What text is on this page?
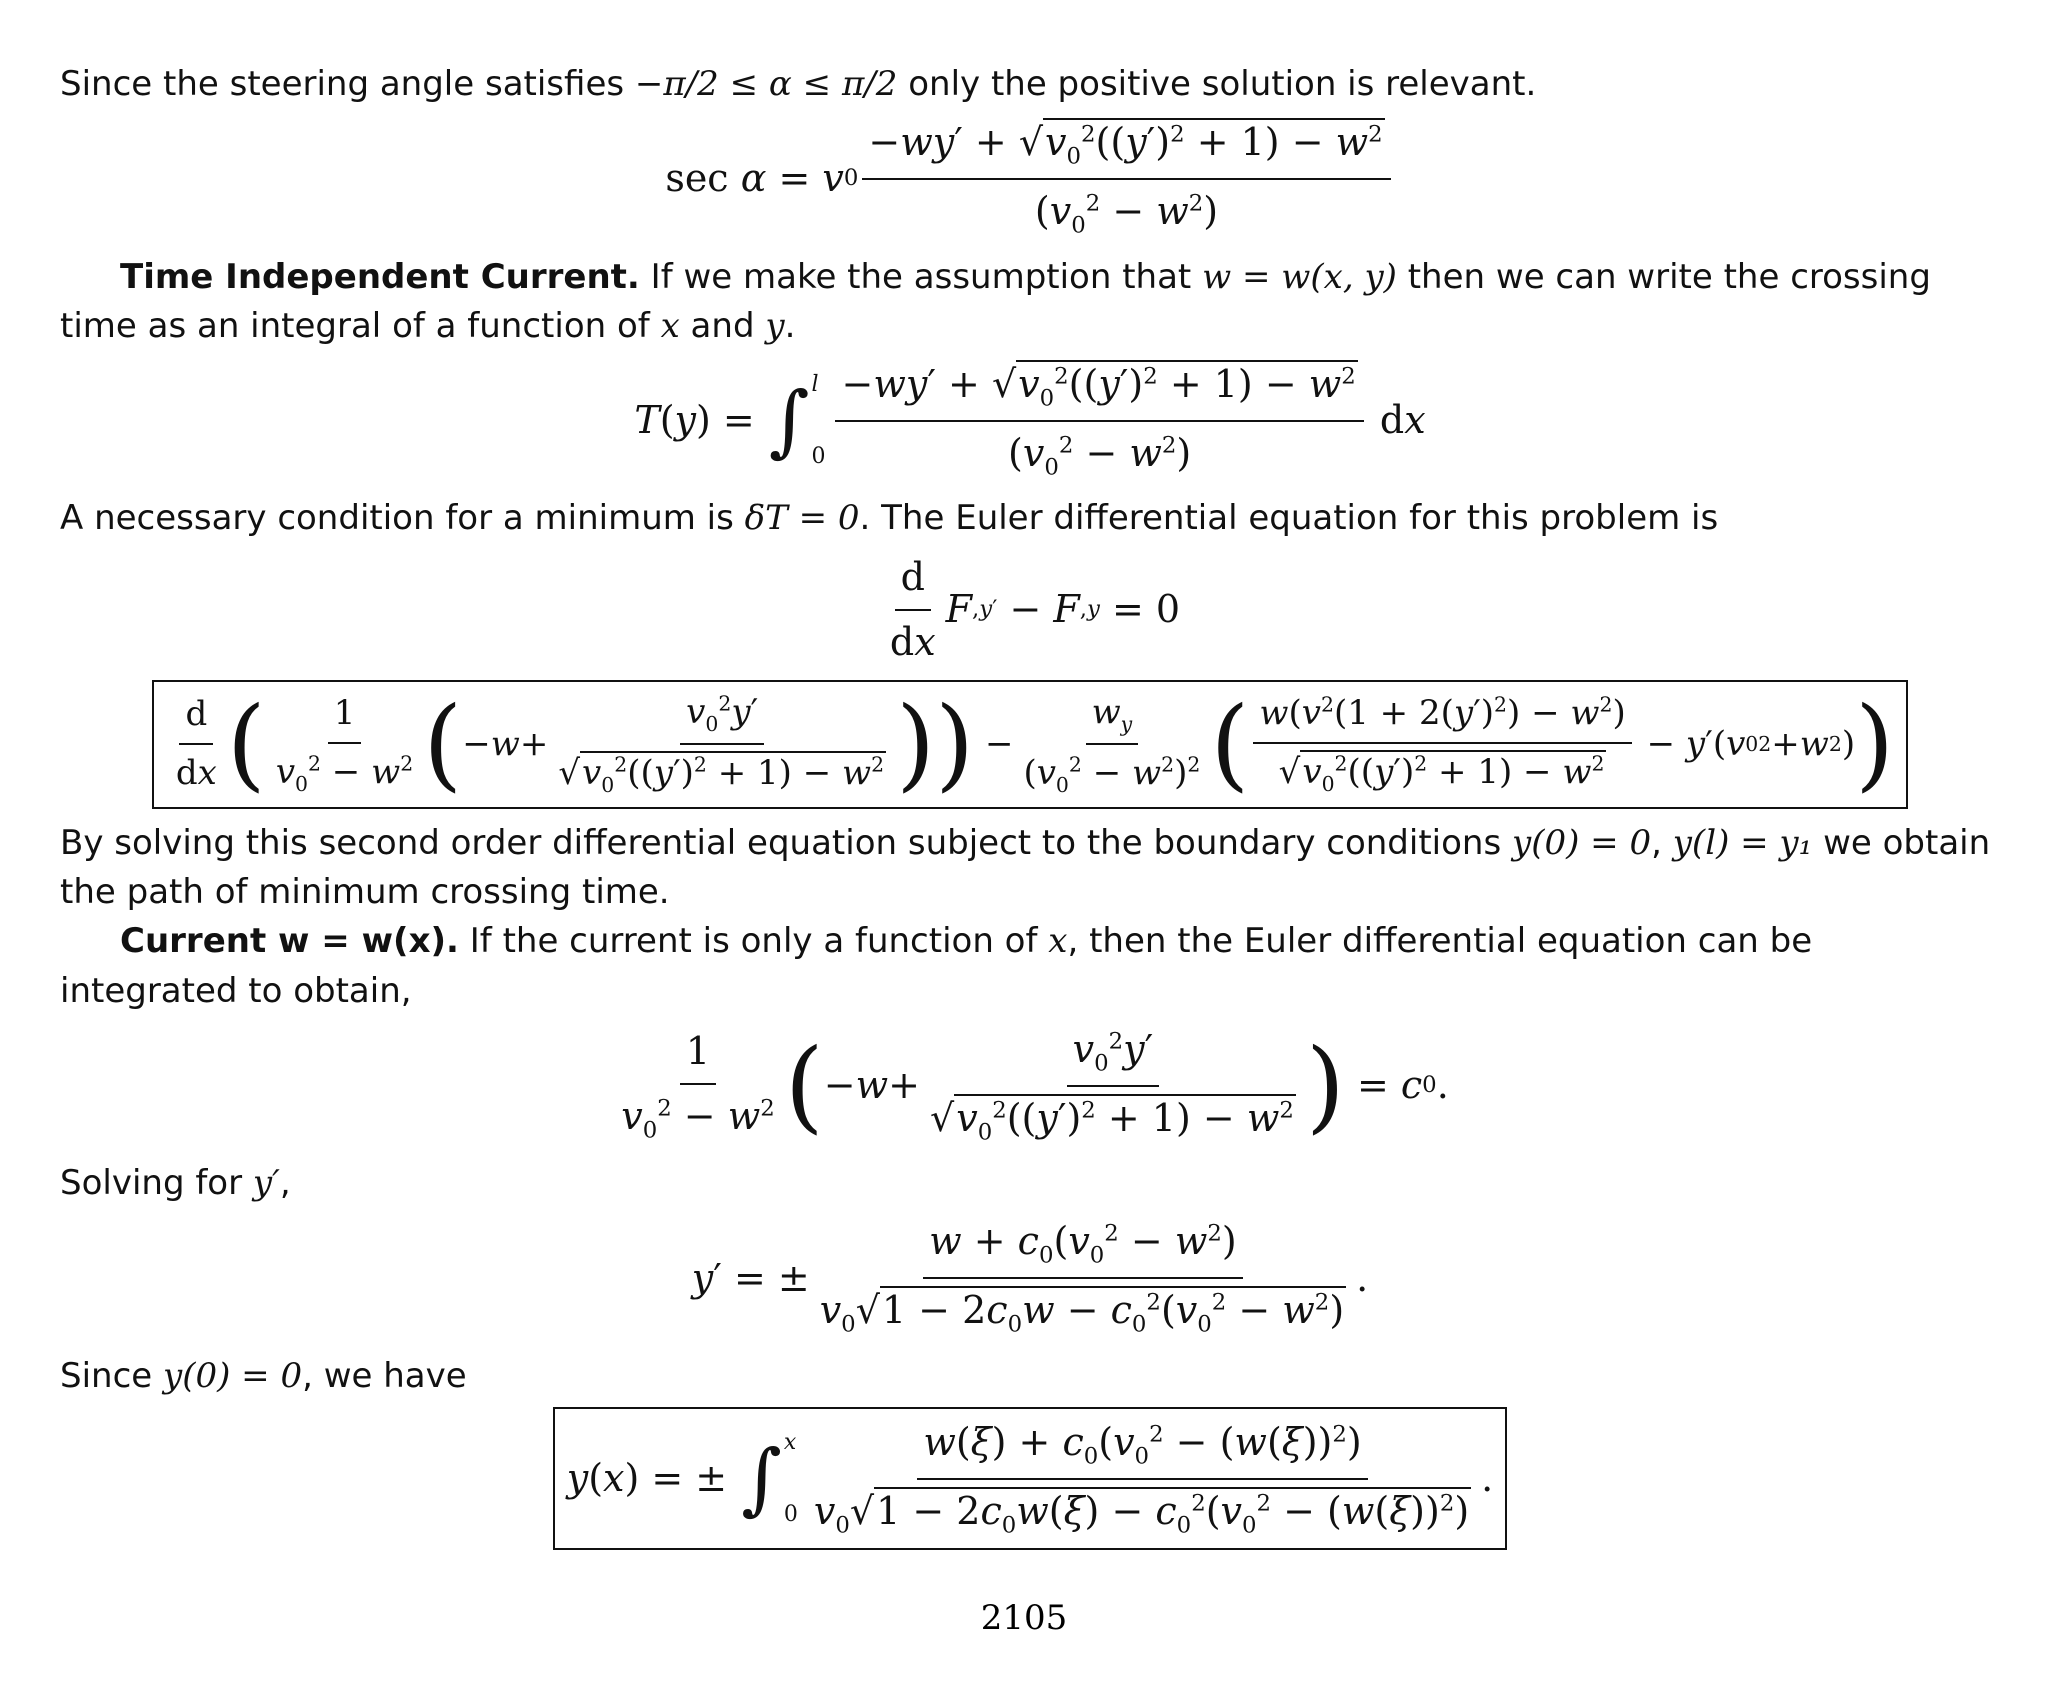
Since the steering angle satisfies −π/2 ≤ α ≤ π/2 only the positive solution is relevant.

sec
α = v $0 \frac{-wy' + √v_0^2((y')^2 + 1) - w^2}{(v_0^2 - w^2)}$

Time Independent Current. If we make the assumption that w = w(x, y) then we can write the crossing time as an integral of a function of x and y.

T ( y ) = ∫ l
$0 \frac{-wy' + √v_0^2((y')^2 + 1) - w^2}{(v_0^2 - w^2)}$ d x

A necessary condition for a minimum is δT = 0. The Euler differential equation for this problem is

$\frac{d}{dx}$ F ,y′ − F ,y = 0
$\frac{d}{dx}$ ( $\frac{1}{v_0^2 - w^2}$ ( − $w + \frac{v_0^2y'}{√v_0^2((y')^2 + 1) - w^2}$ )) − $\frac{w_y}{(v_0^2 - w^2)^2}$ ( $\frac{w(v^2(1 + 2(y')^2) - w^2)}{√v_0^2((y')^2 + 1) - w^2} - y$ ′( v 0 2 + w 2 ) )

By solving this second order differential equation subject to the boundary conditions y(0) = 0, y(l) = y₁ we obtain the path of minimum crossing time.

Current w = w(x). If the current is only a function of x, then the Euler differential equation can be integrated to obtain,

$\frac{1}{v_0^2 - w^2}$ ( − $w + \frac{v_0^2y'}{√v_0^2((y')^2 + 1) - w^2}$ ) = c 0 .

Solving for y′,

y ′ = ± $\frac{w + c_0(v_0^2 - w^2)}{v_0√1 - 2c_0w - c_0^2(v_0^2 - w^2)}$ .

Since y(0) = 0, we have

y ( x ) = ± ∫ x
$0 \frac{w(\xi) + c_0(v_0^2 - (w(\xi))^2)}{v_0√1 - 2c_0w(\xi) - c_0^2(v_0^2 - (w(\xi))^2)}$ .
2105
